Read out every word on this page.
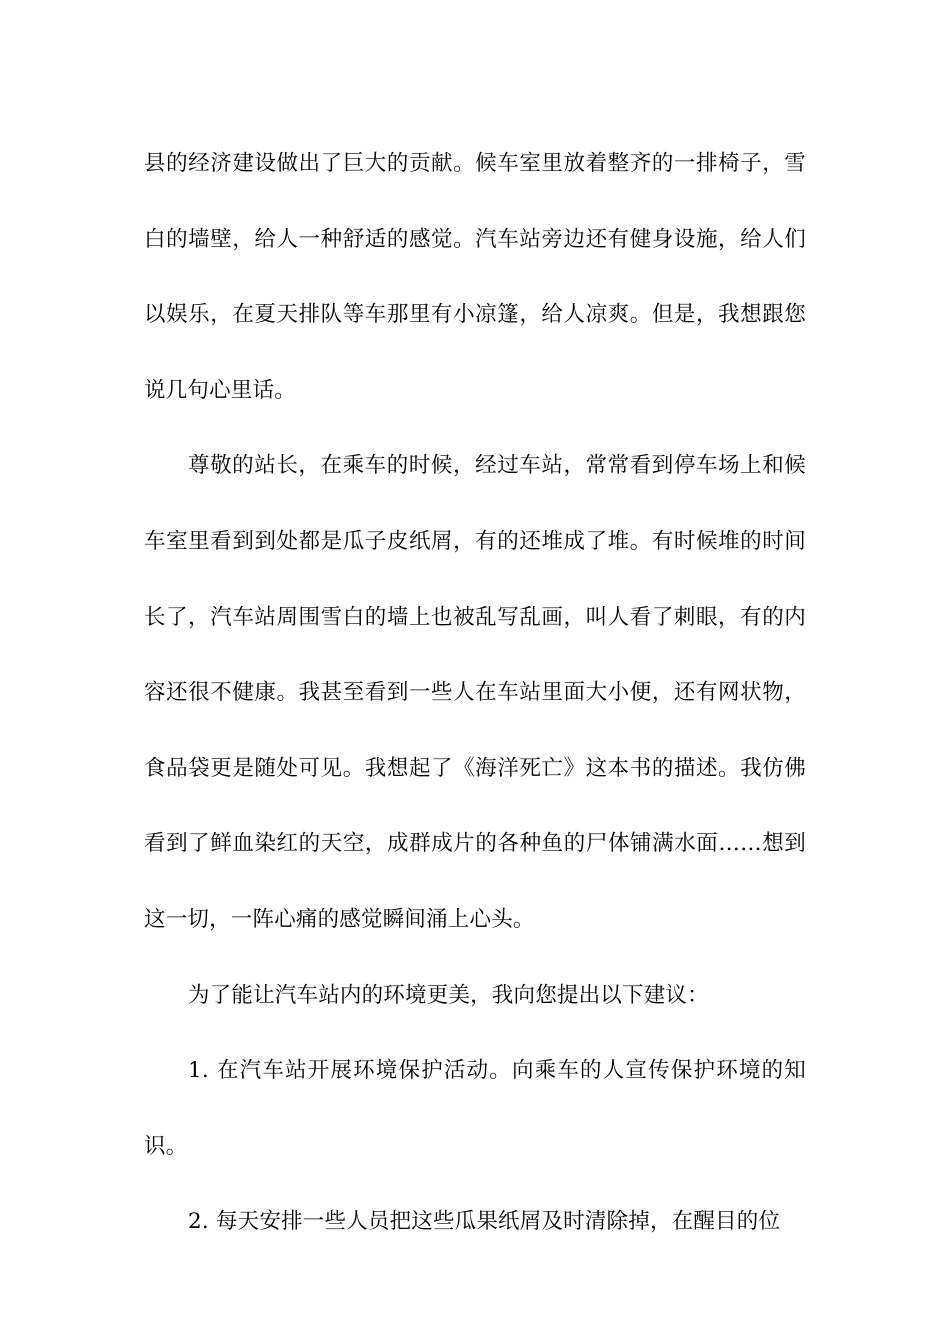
县的经济建设做出了巨大的贡献。候车室里放着整齐的一排椅子，雪白的墙壁，给人一种舒适的感觉。汽车站旁边还有健身设施，给人们以娱乐，在夏天排队等车那里有小凉篷，给人凉爽。但是，我想跟您说几句心里话。

尊敬的站长，在乘车的时候，经过车站，常常看到停车场上和候车室里看到到处都是瓜子皮纸屑，有的还堆成了堆。有时候堆的时间长了，汽车站周围雪白的墙上也被乱写乱画，叫人看了刺眼，有的内容还很不健康。我甚至看到一些人在车站里面大小便，还有网状物，食品袋更是随处可见。我想起了《海洋死亡》这本书的描述。我仿佛看到了鲜血染红的天空，成群成片的各种鱼的尸体铺满水面……想到这一切，一阵心痛的感觉瞬间涌上心头。

为了能让汽车站内的环境更美，我向您提出以下建议：

1. 在汽车站开展环境保护活动。向乘车的人宣传保护环境的知识。

2. 每天安排一些人员把这些瓜果纸屑及时清除掉，在醒目的位
